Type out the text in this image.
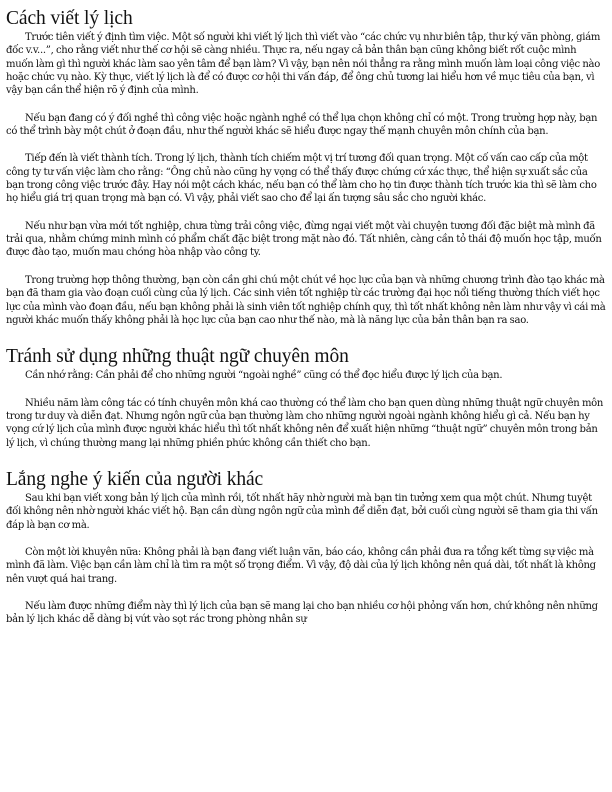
Cách viết lý lịch

Trước tiên viết ý định tìm việc. Một số người khi viết lý lịch thì viết vào “các chức vụ như biên tập, thư ký văn phòng, giám đốc v.v...”, cho rằng viết như thế cơ hội sẽ càng nhiều. Thực ra, nếu ngay cả bản thân bạn cũng không biết rốt cuộc mình muốn làm gì thì người khác làm sao yên tâm để bạn làm? Vì vậy, bạn nên nói thẳng ra rằng mình muốn làm loại công việc nào hoặc chức vụ nào. Kỳ thực, viết lý lịch là để có được cơ hội thi vấn đáp, để ông chủ tương lai hiểu hơn về mục tiêu của bạn, vì vậy bạn cần thể hiện rõ ý định của mình.

Nếu bạn đang có ý đối nghề thì công việc hoặc ngành nghề có thể lựa chọn không chỉ có một. Trong trường hợp này, bạn có thể trình bày một chút ở đoạn đầu, như thế người khác sẽ hiểu được ngay thế mạnh chuyên môn chính của bạn.

Tiếp đến là viết thành tích. Trong lý lịch, thành tích chiếm một vị trí tương đối quan trọng. Một cố vấn cao cấp của một công ty tư vấn việc làm cho rằng: “Ông chủ nào cũng hy vọng có thể thấy được chứng cứ xác thực, thể hiện sự xuất sắc của bạn trong công việc trước đây. Hay nói một cách khác, nếu bạn có thể làm cho họ tin được thành tích trước kia thì sẽ làm cho họ hiểu giá trị quan trọng mà bạn có. Vì vậy, phải viết sao cho để lại ấn tượng sâu sắc cho người khác.

Nếu như bạn vừa mới tốt nghiệp, chưa từng trải công việc, đừng ngại viết một vài chuyện tương đối đặc biệt mà mình đã trải qua, nhằm chứng minh mình có phẩm chất đặc biệt trong mặt nào đó. Tất nhiên, càng cần tỏ thái độ muốn học tập, muốn được đào tạo, muốn mau chóng hòa nhập vào công ty.

Trong trường hợp thông thường, bạn còn cần ghi chú một chút về học lực của bạn và những chương trình đào tạo khác mà bạn đã tham gia vào đoạn cuối cùng của lý lịch. Các sinh viên tốt nghiệp từ các trường đại học nổi tiếng thường thích viết học lực của mình vào đoạn đầu, nếu bạn không phải là sinh viên tốt nghiệp chính quy, thì tốt nhất không nên làm như vậy vì cái mà người khác muốn thấy không phải là học lực của bạn cao như thế nào, mà là năng lực của bản thân bạn ra sao.

Tránh sử dụng những thuật ngữ chuyên môn

Cần nhớ rằng: Cần phải để cho những người “ngoài nghề” cũng có thể đọc hiểu được lý lịch của bạn.

Nhiều năm làm công tác có tính chuyên môn khá cao thường có thể làm cho bạn quen dùng những thuật ngữ chuyên môn trong tư duy và diễn đạt. Nhưng ngôn ngữ của bạn thường làm cho những người ngoài ngành không hiểu gì cả. Nếu bạn hy vọng cứ lý lịch của mình được người khác hiểu thì tốt nhất không nên để xuất hiện những “thuật ngữ” chuyên môn trong bản lý lịch, vì chúng thường mang lại những phiền phức không cần thiết cho bạn.

Lắng nghe ý kiến của người khác

Sau khi bạn viết xong bản lý lịch của mình rồi, tốt nhất hãy nhờ người mà bạn tin tưởng xem qua một chút. Nhưng tuyệt đối không nên nhờ người khác viết hộ. Bạn cần dùng ngôn ngữ của mình để diễn đạt, bởi cuối cùng người sẽ tham gia thi vấn đáp là bạn cơ mà.

Còn một lời khuyên nữa: Không phải là bạn đang viết luận văn, báo cáo, không cần phải đưa ra tổng kết từng sự việc mà mình đã làm. Việc bạn cần làm chỉ là tìm ra một số trọng điểm. Vì vậy, độ dài của lý lịch không nên quá dài, tốt nhất là không nên vượt quá hai trang.

Nếu làm được những điểm này thì lý lịch của bạn sẽ mang lại cho bạn nhiều cơ hội phỏng vấn hơn, chứ không nên những bản lý lịch khác dễ dàng bị vứt vào sọt rác trong phòng nhân sự
